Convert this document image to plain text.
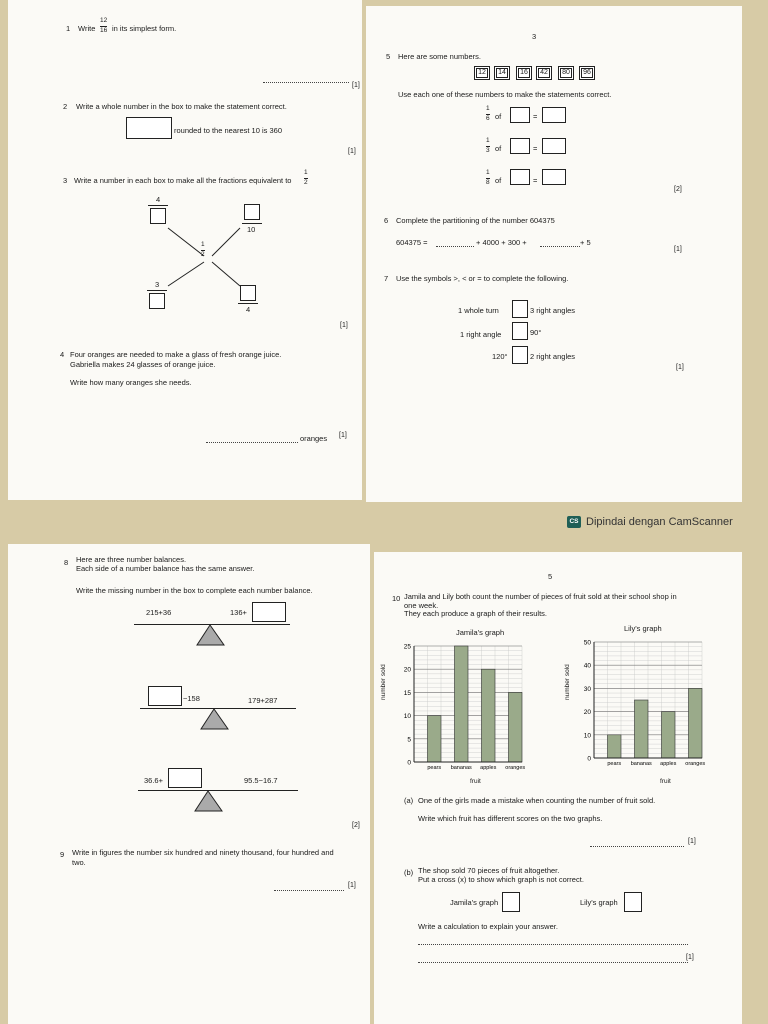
1 Write
12
16 in its simplest form.
[1]
2 Write a whole number in the box to make the statement correct.
rounded to the nearest 10 is 360
[1]
3 Write a number in each box to make all the fractions equivalent to
1
2
4
10
1
2
3
4
[1]
4 Four oranges are needed to make a glass of fresh orange juice.
Gabriella makes 24 glasses of orange juice.
Write how many oranges she needs.
oranges [1]
3
5 Here are some numbers.
12	14	16	42	80	96
Use each one of these numbers to make the statements correct.
1
6 of	=
1
3 of	=
1
8 of	=
[2]
6 Complete the partitioning of the number 604375
604375 =	+ 4000 + 300 +	+ 5
[1]
7 Use the symbols >, < or = to complete the following.
1 whole turn	3 right angles
1 right angle	90°
120°	2 right angles
[1]
CS Dipindai dengan CamScanner
8 Here are three number balances.
Each side of a number balance has the same answer.
Write the missing number in the box to complete each number balance.
215+36	136+
−158	179+287
36.6+	95.5−16.7
[2]
9 Write in figures the number six hundred and ninety thousand, four hundred and
two.
[1]
5
10 Jamila and Lily both count the number of pieces of fruit sold at their school shop in
one week.
They each produce a graph of their results.
Jamila's graph
number sold
fruit
0
5
10
15
20
25
pears bananas apples oranges
Lily's graph
number sold
fruit
0
10
20
30
40
50
pears bananas apples oranges
(a) One of the girls made a mistake when counting the number of fruit sold.
Write which fruit has different scores on the two graphs.
[1]
(b) The shop sold 70 pieces of fruit altogether.
Put a cross (x) to show which graph is not correct.
Jamila's graph	Lily's graph
Write a calculation to explain your answer.
[1]
